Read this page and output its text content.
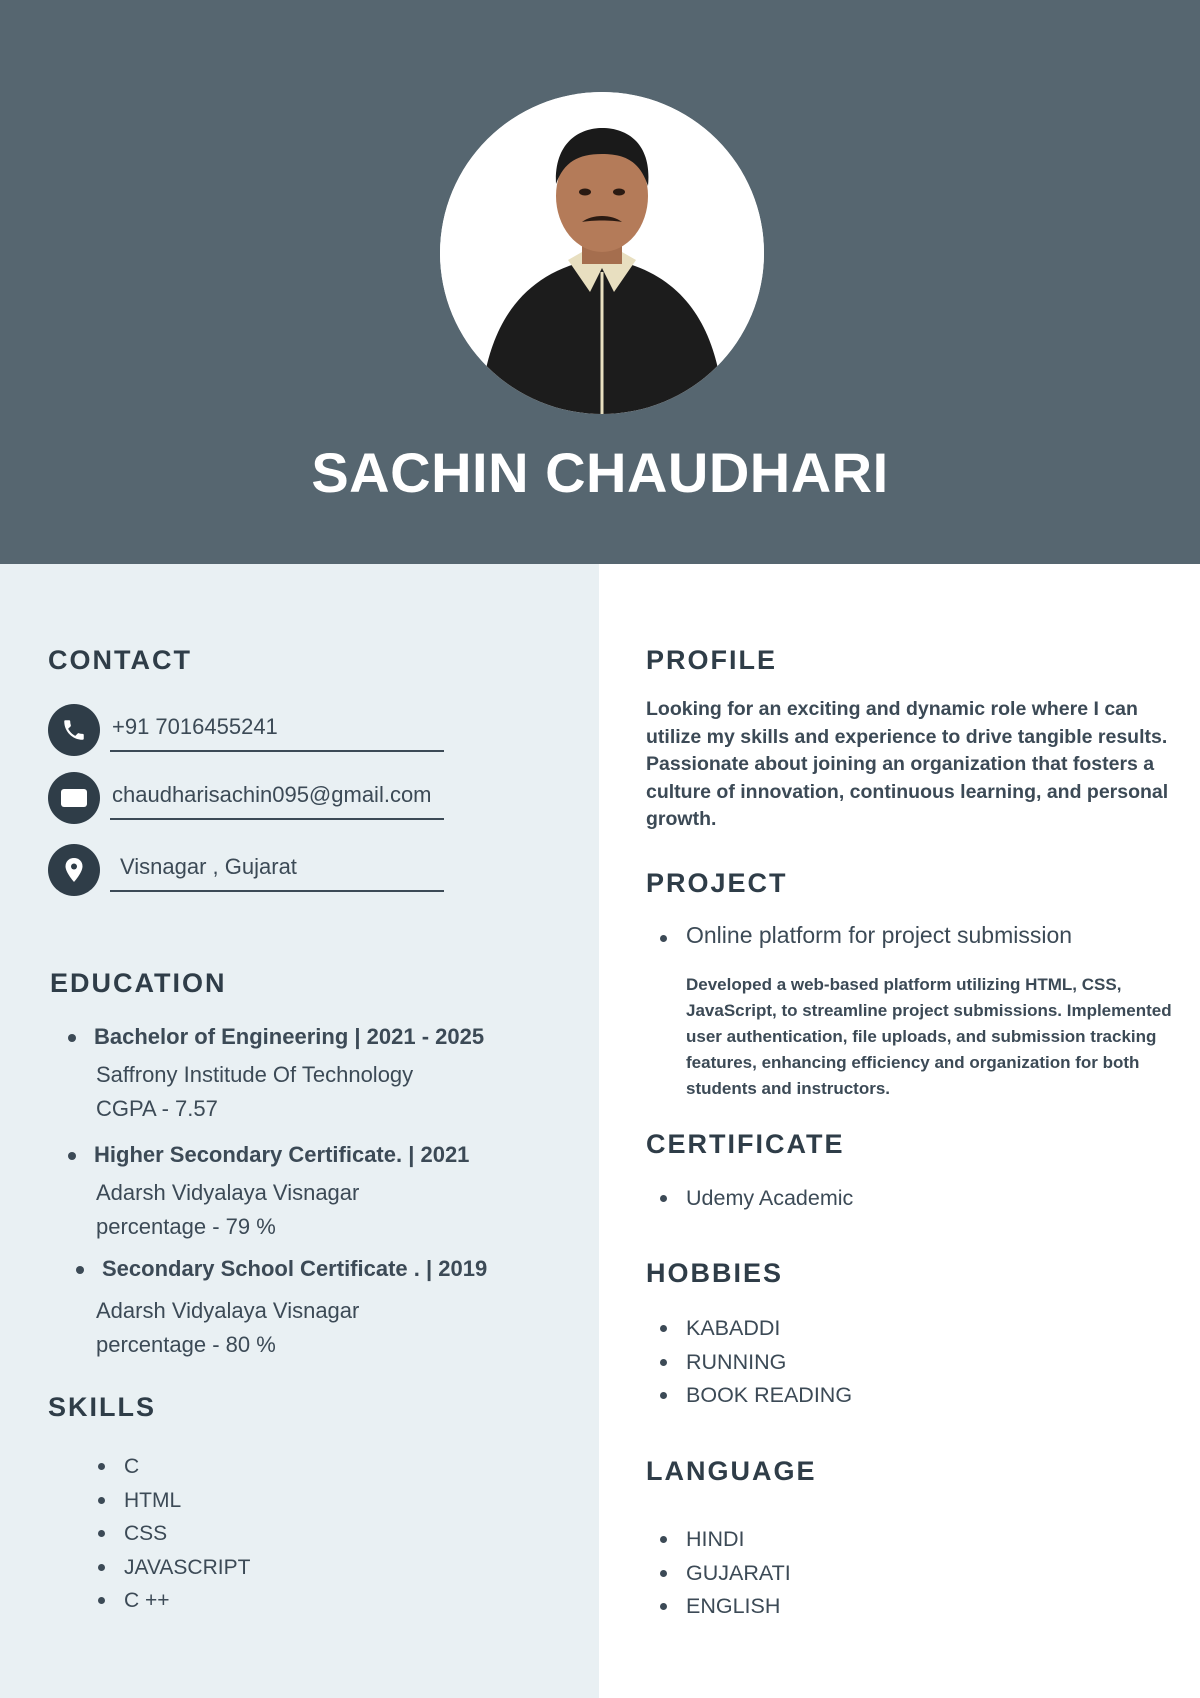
SACHIN CHAUDHARI
CONTACT
+91 7016455241
chaudharisachin095@gmail.com
Visnagar , Gujarat
EDUCATION
Bachelor of Engineering | 2021 - 2025
Saffrony Institude Of Technology
CGPA - 7.57
Higher Secondary Certificate. | 2021
Adarsh Vidyalaya Visnagar
percentage - 79 %
Secondary School Certificate . | 2019
Adarsh Vidyalaya Visnagar
percentage - 80 %
SKILLS
C
HTML
CSS
JAVASCRIPT
C ++
PROFILE
Looking for an exciting and dynamic role where I can utilize my skills and experience to drive tangible results. Passionate about joining an organization that fosters a culture of innovation, continuous learning, and personal growth.
PROJECT
Online platform for project submission
Developed a web-based platform utilizing HTML, CSS, JavaScript, to streamline project submissions. Implemented user authentication, file uploads, and submission tracking features, enhancing efficiency and organization for both students and instructors.
CERTIFICATE
Udemy Academic
HOBBIES
KABADDI
RUNNING
BOOK READING
LANGUAGE
HINDI
GUJARATI
ENGLISH
